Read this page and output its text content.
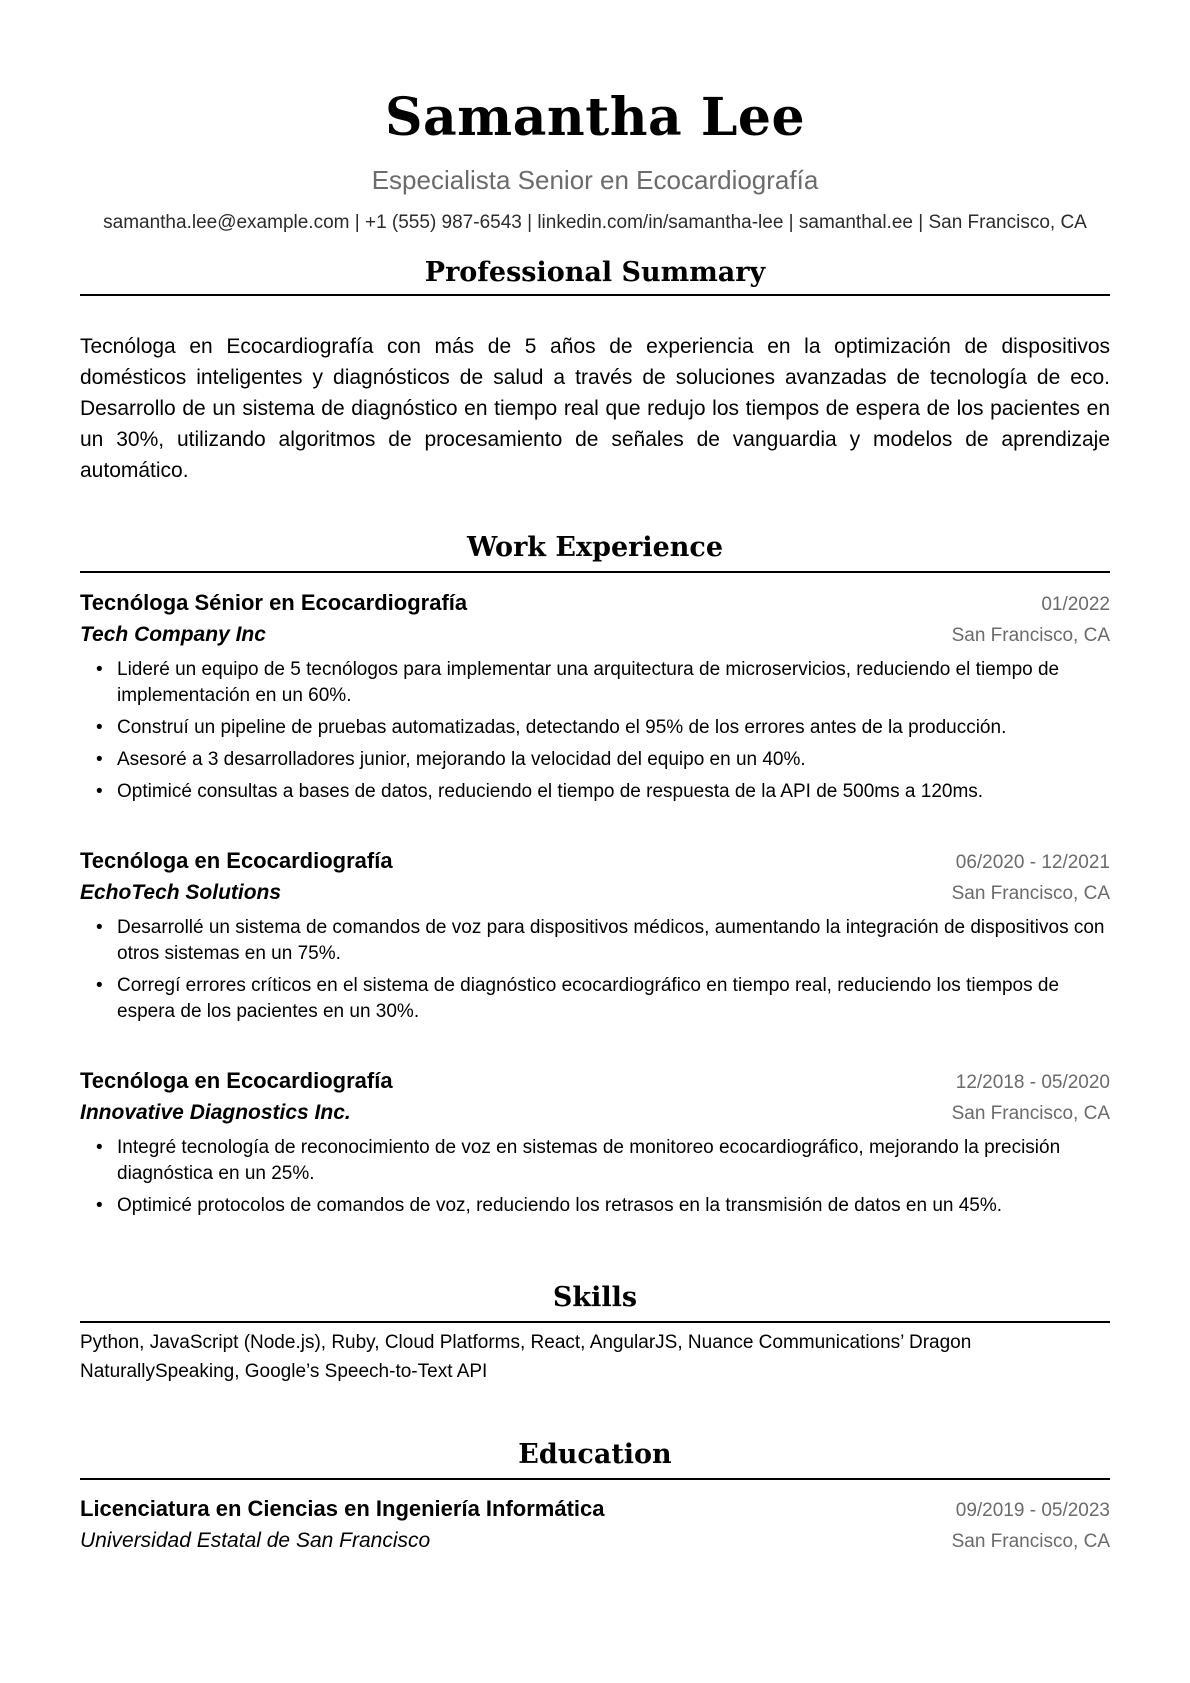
Samantha Lee
Especialista Senior en Ecocardiografía
samantha.lee@example.com | +1 (555) 987-6543 | linkedin.com/in/samantha-lee | samanthal.ee | San Francisco, CA
Professional Summary

Tecnóloga en Ecocardiografía con más de 5 años de experiencia en la optimización de dispositivos domésticos inteligentes y diagnósticos de salud a través de soluciones avanzadas de tecnología de eco. Desarrollo de un sistema de diagnóstico en tiempo real que redujo los tiempos de espera de los pacientes en un 30%, utilizando algoritmos de procesamiento de señales de vanguardia y modelos de aprendizaje automático.

Work Experience
Tecnóloga Sénior en Ecocardiografía	01/2022
Tech Company Inc	San Francisco, CA
• Lideré un equipo de 5 tecnólogos para implementar una arquitectura de microservicios, reduciendo el tiempo de implementación en un 60%.
• Construí un pipeline de pruebas automatizadas, detectando el 95% de los errores antes de la producción.
• Asesoré a 3 desarrolladores junior, mejorando la velocidad del equipo en un 40%.
• Optimicé consultas a bases de datos, reduciendo el tiempo de respuesta de la API de 500ms a 120ms.
Tecnóloga en Ecocardiografía	06/2020 - 12/2021
EchoTech Solutions	San Francisco, CA
• Desarrollé un sistema de comandos de voz para dispositivos médicos, aumentando la integración de dispositivos con otros sistemas en un 75%.
• Corregí errores críticos en el sistema de diagnóstico ecocardiográfico en tiempo real, reduciendo los tiempos de espera de los pacientes en un 30%.
Tecnóloga en Ecocardiografía	12/2018 - 05/2020
Innovative Diagnostics Inc.	San Francisco, CA
• Integré tecnología de reconocimiento de voz en sistemas de monitoreo ecocardiográfico, mejorando la precisión diagnóstica en un 25%.
• Optimicé protocolos de comandos de voz, reduciendo los retrasos en la transmisión de datos en un 45%.
Skills

Python, JavaScript (Node.js), Ruby, Cloud Platforms, React, AngularJS, Nuance Communications’ Dragon NaturallySpeaking, Google’s Speech-to-Text API

Education
Licenciatura en Ciencias en Ingeniería Informática	09/2019 - 05/2023
Universidad Estatal de San Francisco	San Francisco, CA
